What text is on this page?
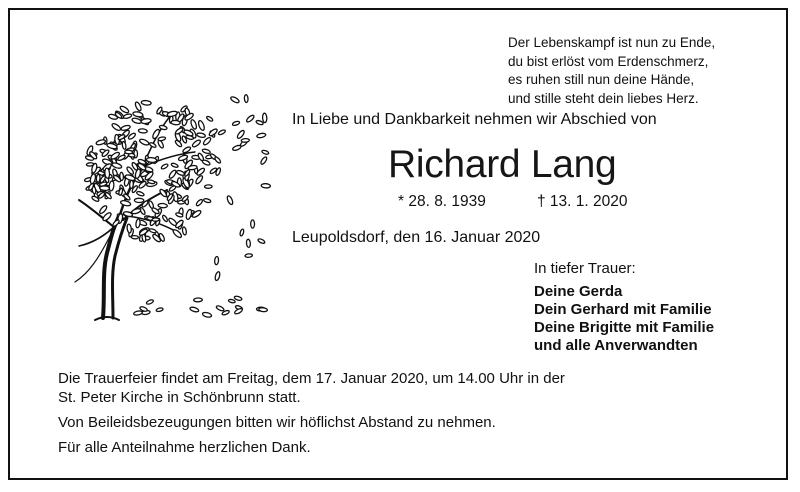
Der Lebenskampf ist nun zu Ende,
du bist erlöst vom Erdenschmerz,
es ruhen still nun deine Hände,
und stille steht dein liebes Herz.
In Liebe und Dankbarkeit nehmen wir Abschied von
Richard Lang
* 28. 8. 1939	† 13. 1. 2020
Leupoldsdorf, den 16. Januar 2020
In tiefer Trauer:
Deine Gerda
Dein Gerhard mit Familie
Deine Brigitte mit Familie
und alle Anverwandten
Die Trauerfeier findet am Freitag, dem 17. Januar 2020, um 14.00 Uhr in der
St. Peter Kirche in Schönbrunn statt.
Von Beileidsbezeugungen bitten wir höflichst Abstand zu nehmen.
Für alle Anteilnahme herzlichen Dank.
